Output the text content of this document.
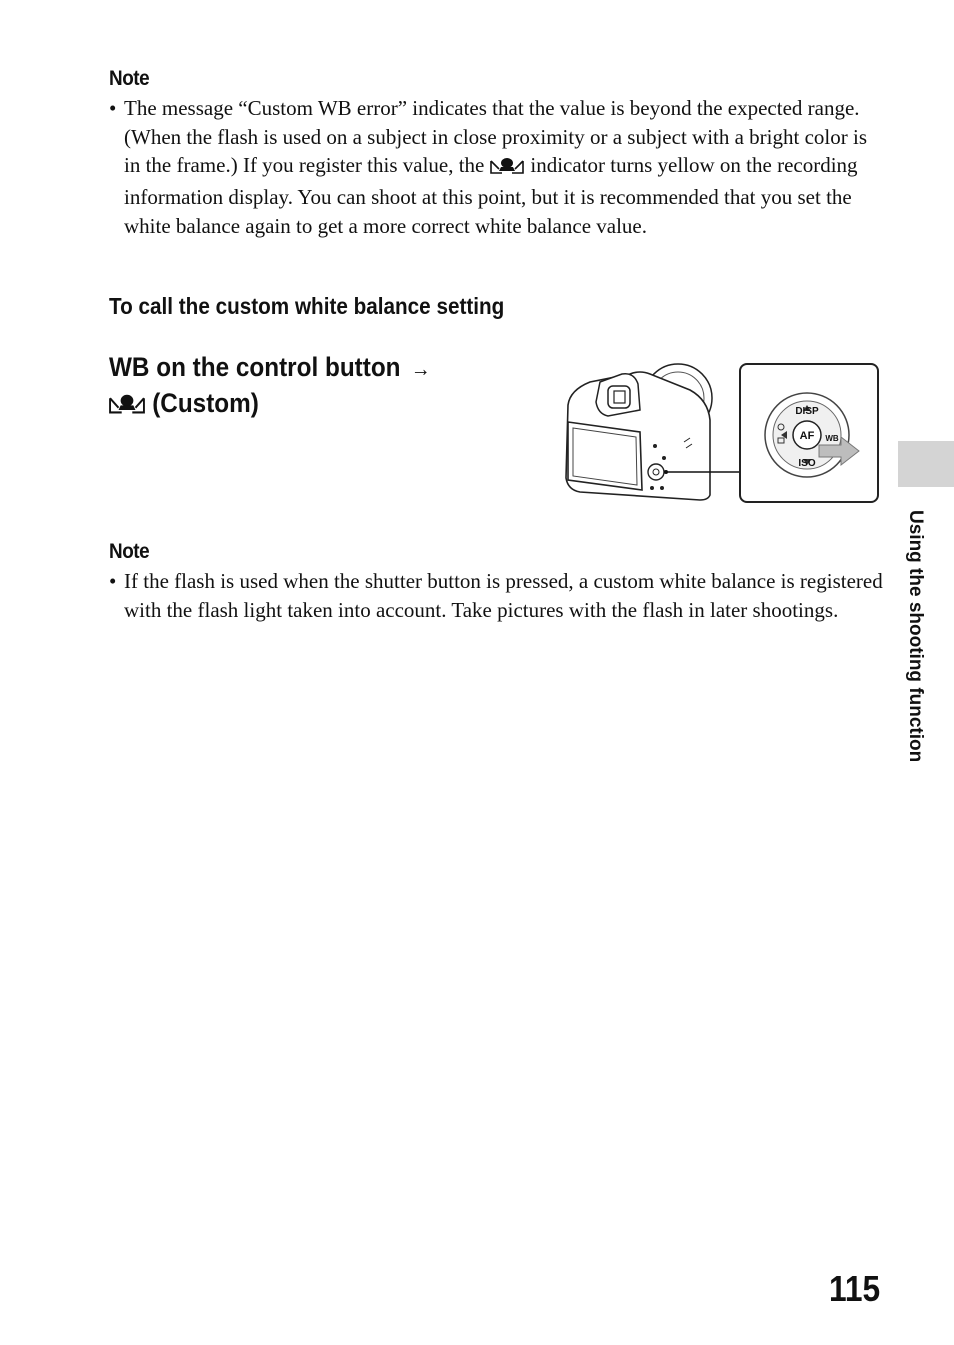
Note
• The message “Custom WB error” indicates that the value is beyond the expected range. (When the flash is used on a subject in close proximity or a subject with a bright color is in the frame.) If you register this value, the indicator turns yellow on the recording information display. You can shoot at this point, but it is recommended that you set the white balance again to get a more correct white balance value.
To call the custom white balance setting
WB on the control button →
(Custom)	DISP
AF WB
ISO
Note
• If the flash is used when the shutter button is pressed, a custom white balance is registered with the flash light taken into account. Take pictures with the flash in later shootings.	Using the shooting function
115
